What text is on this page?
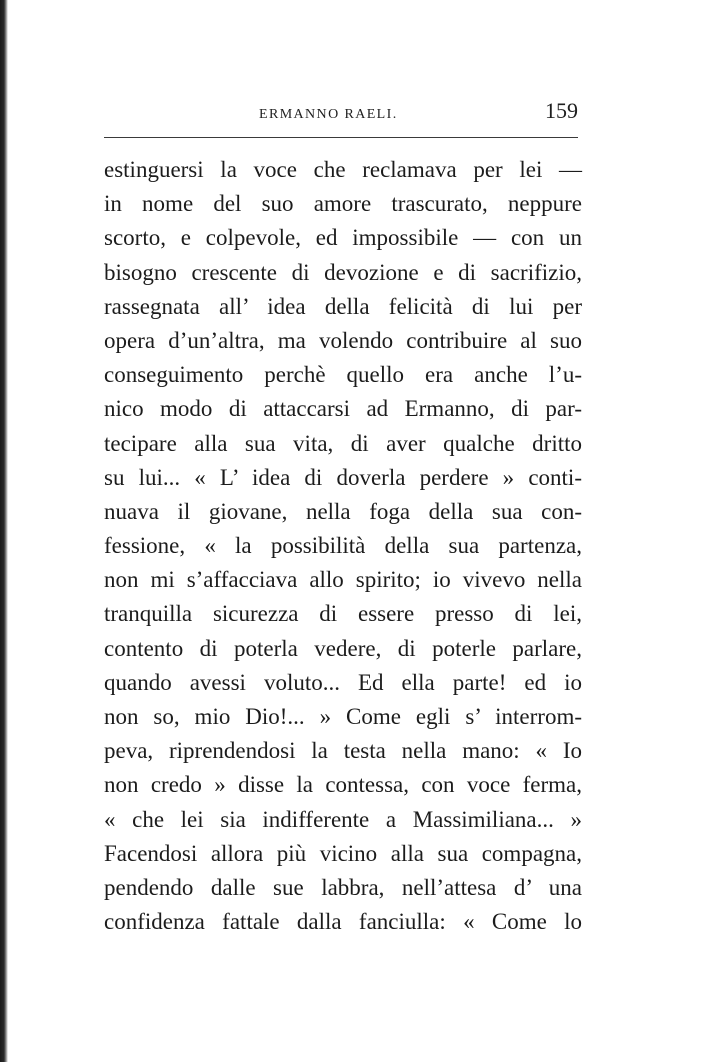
ERMANNO RAELI.	159
estinguersi la voce che reclamava per lei —
in nome del suo amore trascurato, neppure
scorto, e colpevole, ed impossibile — con un
bisogno crescente di devozione e di sacrifizio,
rassegnata all’ idea della felicità di lui per
opera d’un’altra, ma volendo contribuire al suo
conseguimento perchè quello era anche l’u-
nico modo di attaccarsi ad Ermanno, di par-
tecipare alla sua vita, di aver qualche dritto
su lui... « L’ idea di doverla perdere » conti-
nuava il giovane, nella foga della sua con-
fessione, « la possibilità della sua partenza,
non mi s’affacciava allo spirito; io vivevo nella
tranquilla sicurezza di essere presso di lei,
contento di poterla vedere, di poterle parlare,
quando avessi voluto... Ed ella parte! ed io
non so, mio Dio!... » Come egli s’ interrom-
peva, riprendendosi la testa nella mano: « Io
non credo » disse la contessa, con voce ferma,
« che lei sia indifferente a Massimiliana... »
Facendosi allora più vicino alla sua compagna,
pendendo dalle sue labbra, nell’attesa d’ una
confidenza fattale dalla fanciulla: « Come lo
